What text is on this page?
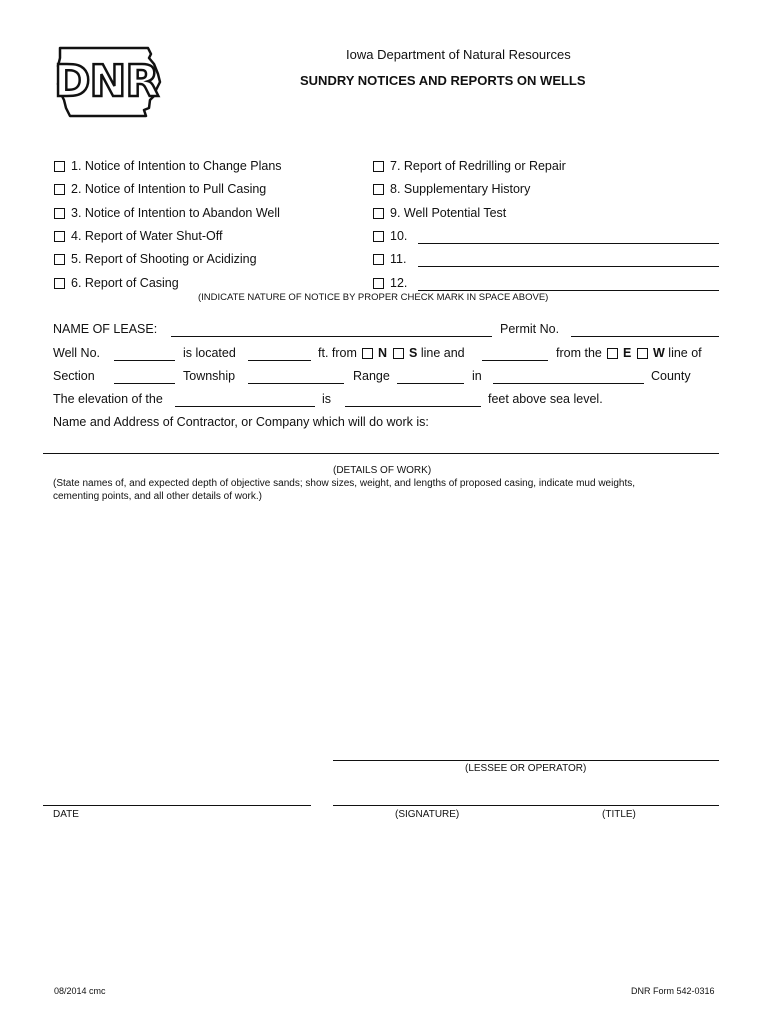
DNR
Iowa Department of Natural Resources
SUNDRY NOTICES AND REPORTS ON WELLS
1. Notice of Intention to Change Plans
2. Notice of Intention to Pull Casing
3. Notice of Intention to Abandon Well
4. Report of Water Shut-Off
5. Report of Shooting or Acidizing
6. Report of Casing
7. Report of Redrilling or Repair
8. Supplementary History
9. Well Potential Test
10.
11.
12.
(INDICATE NATURE OF NOTICE BY PROPER CHECK MARK IN SPACE ABOVE)
NAME OF LEASE:	Permit No.
Well No.	is located	ft. from N S line and	from the E W line of
Section	Township	Range	in	County
The elevation of the	is	feet above sea level.
Name and Address of Contractor, or Company which will do work is:
(DETAILS OF WORK)
(State names of, and expected depth of objective sands; show sizes, weight, and lengths of proposed casing, indicate mud weights,
cementing points, and all other details of work.)
(LESSEE OR OPERATOR)
DATE	(SIGNATURE)	(TITLE)
08/2014 cmc	DNR Form 542-0316
